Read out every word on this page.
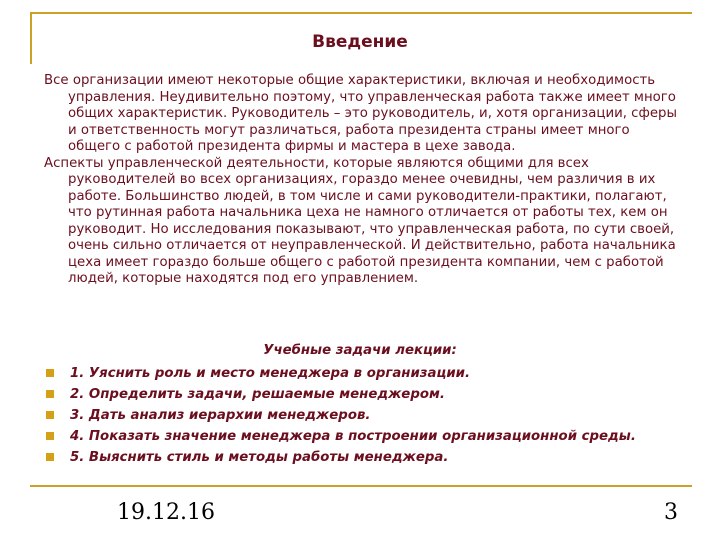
Введение

Все организации имеют некоторые общие характеристики, включая и необходимость управления. Неудивительно поэтому, что управленческая работа также имеет много общих характеристик. Руководитель – это руководитель, и, хотя организации, сферы и ответственность могут различаться, работа президента страны имеет много общего с работой президента фирмы и мастера в цехе завода.

Аспекты управленческой деятельности, которые являются общими для всех руководителей во всех организациях, гораздо менее очевидны, чем различия в их работе. Большинство людей, в том числе и сами руководители-практики, полагают, что рутинная работа начальника цеха не намного отличается от работы тех, кем он руководит. Но исследования показывают, что управленческая работа, по сути своей, очень сильно отличается от неуправленческой. И действительно, работа начальника цеха имеет гораздо больше общего с работой президента компании, чем с работой людей, которые находятся под его управлением.

Учебные задачи лекции:
1. Уяснить роль и место менеджера в организации.
2. Определить задачи, решаемые менеджером.
3. Дать анализ иерархии менеджеров.
4. Показать значение менеджера в построении организационной среды.
5. Выяснить стиль и методы работы менеджера.
19.12.16	3
